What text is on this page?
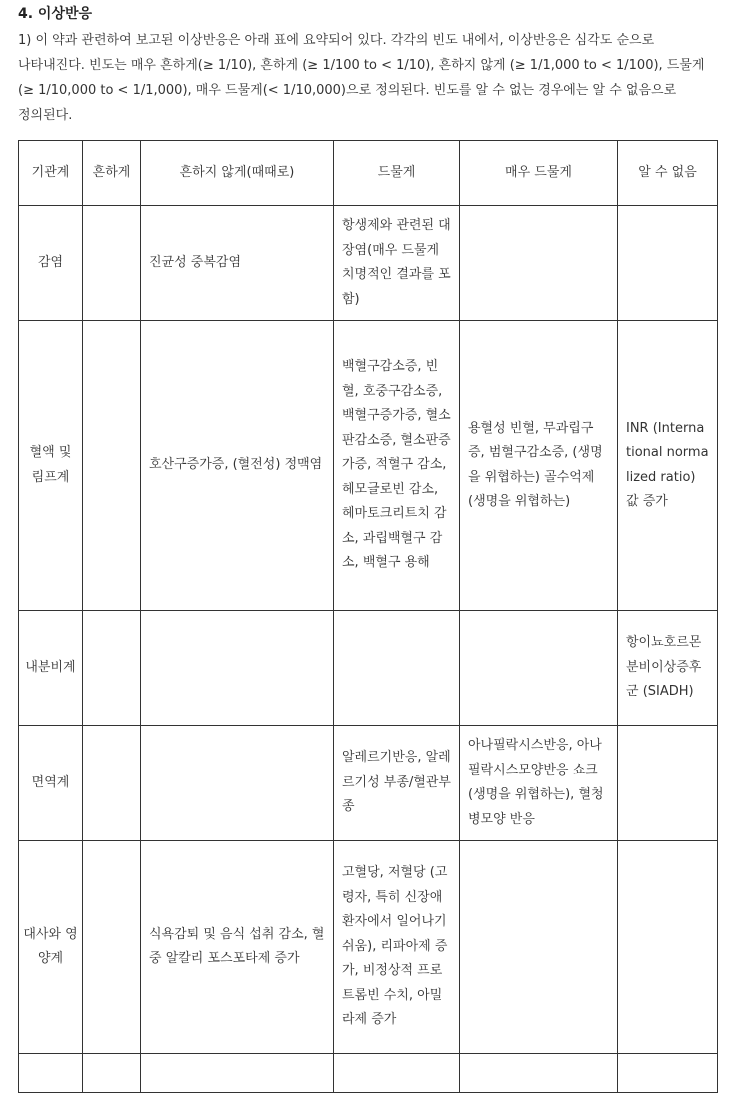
4. 이상반응

1) 이 약과 관련하여 보고된 이상반응은 아래 표에 요약되어 있다. 각각의 빈도 내에서, 이상반응은 심각도 순으로 나타내진다. 빈도는 매우 흔하게(≥ 1/10), 흔하게 (≥ 1/100 to < 1/10), 흔하지 않게 (≥ 1/1,000 to < 1/100), 드물게 (≥ 1/10,000 to < 1/1,000), 매우 드물게(< 1/10,000)으로 정의된다. 빈도를 알 수 없는 경우에는 알 수 없음으로 정의된다.

기관계	흔하게	흔하지 않게(때때로)	드물게	매우 드물게	알 수 없음
감염		진균성 중복감염	항생제와 관련된 대장염(매우 드물게 치명적인 결과를 포함)		
혈액 및 림프계		호산구증가증, (혈전성) 정맥염	백혈구감소증, 빈혈, 호중구감소증, 백혈구증가증, 혈소판감소증, 혈소판증가증, 적혈구 감소, 헤모글로빈 감소, 헤마토크리트치 감소, 과립백혈구 감소, 백혈구 용해	용혈성 빈혈, 무과립구증, 범혈구감소증, (생명을 위협하는) 골수억제(생명을 위협하는)	INR (International normalized ratio) 값 증가
내분비계					항이뇨호르몬 분비이상증후군 (SIADH)
면역계			알레르기반응, 알레르기성 부종/혈관부종	아나필락시스반응, 아나필락시스모양반응 쇼크(생명을 위협하는), 혈청병모양 반응	
대사와 영양계		식욕감퇴 및 음식 섭취 감소, 혈중 알칼리 포스포타제 증가	고혈당, 저혈당 (고령자, 특히 신장애 환자에서 일어나기 쉬움), 리파아제 증가, 비정상적 프로트롬빈 수치, 아밀라제 증가		
